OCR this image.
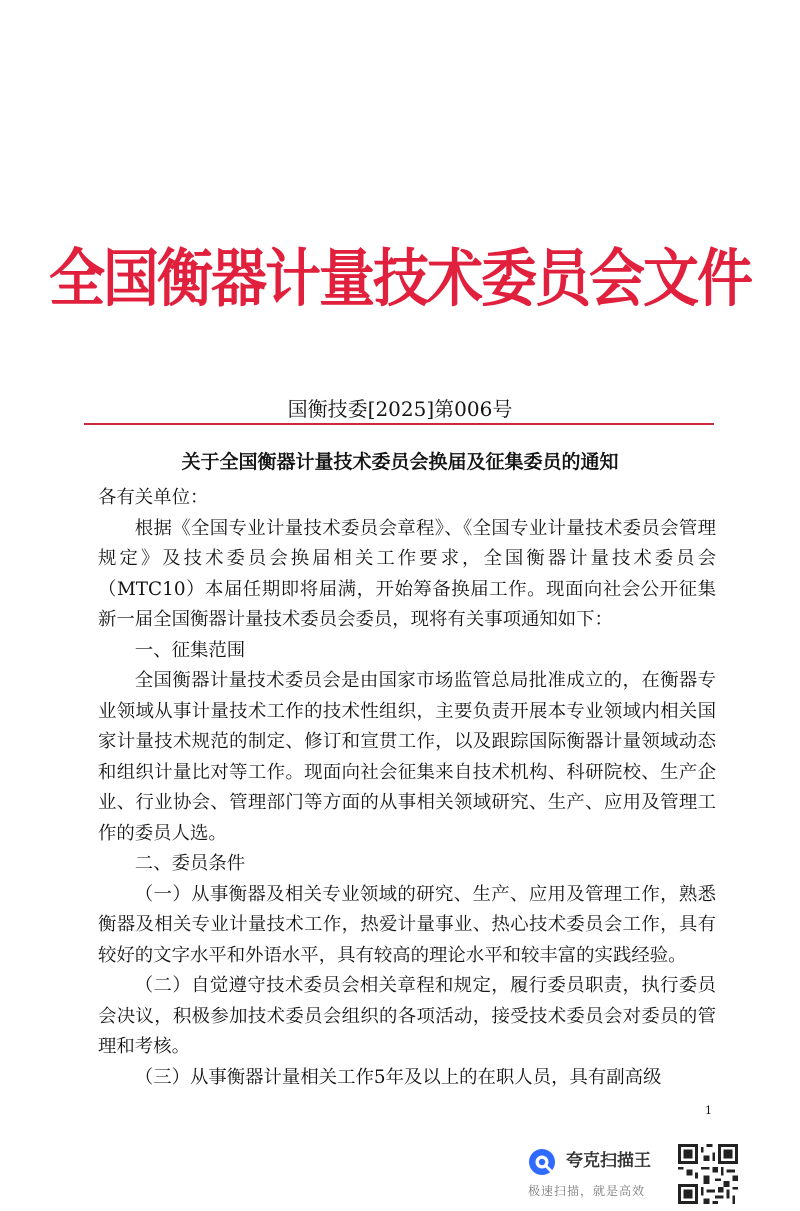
全国衡器计量技术委员会文件
国衡技委[2025]第006号
关于全国衡器计量技术委员会换届及征集委员的通知

各有关单位：

根据《全国专业计量技术委员会章程》、《全国专业计量技术委员会管理规定》及技术委员会换届相关工作要求，全国衡器计量技术委员会（MTC10）本届任期即将届满，开始筹备换届工作。现面向社会公开征集新一届全国衡器计量技术委员会委员，现将有关事项通知如下：

一、征集范围

全国衡器计量技术委员会是由国家市场监管总局批准成立的，在衡器专业领域从事计量技术工作的技术性组织，主要负责开展本专业领域内相关国家计量技术规范的制定、修订和宣贯工作，以及跟踪国际衡器计量领域动态和组织计量比对等工作。现面向社会征集来自技术机构、科研院校、生产企业、行业协会、管理部门等方面的从事相关领域研究、生产、应用及管理工作的委员人选。

二、委员条件

（一）从事衡器及相关专业领域的研究、生产、应用及管理工作，熟悉衡器及相关专业计量技术工作，热爱计量事业、热心技术委员会工作，具有较好的文字水平和外语水平，具有较高的理论水平和较丰富的实践经验。

（二）自觉遵守技术委员会相关章程和规定，履行委员职责，执行委员会决议，积极参加技术委员会组织的各项活动，接受技术委员会对委员的管理和考核。

（三）从事衡器计量相关工作5年及以上的在职人员，具有副高级

1
夸克扫描王
极速扫描，就是高效
